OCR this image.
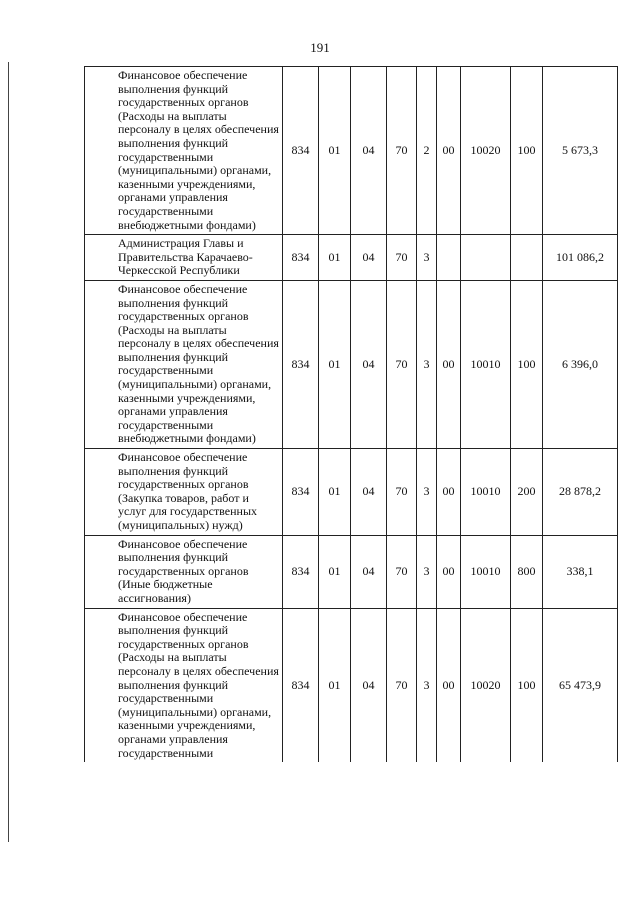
191
Финансовое обеспечение выполнения функций государственных органов (Расходы на выплаты персоналу в целях обеспечения выполнения функций государственными (муниципальными) органами, казенными учреждениями, органами управления государственными внебюджетными фондами)	834	01	04	70	2	00	10020	100	5 673,3
Администрация Главы и Правительства Карачаево-Черкесской Республики	834	01	04	70	3				101 086,2
Финансовое обеспечение выполнения функций государственных органов (Расходы на выплаты персоналу в целях обеспечения выполнения функций государственными (муниципальными) органами, казенными учреждениями, органами управления государственными внебюджетными фондами)	834	01	04	70	3	00	10010	100	6 396,0
Финансовое обеспечение выполнения функций государственных органов (Закупка товаров, работ и услуг для государственных (муниципальных) нужд)	834	01	04	70	3	00	10010	200	28 878,2
Финансовое обеспечение выполнения функций государственных органов (Иные бюджетные ассигнования)	834	01	04	70	3	00	10010	800	338,1
Финансовое обеспечение выполнения функций государственных органов (Расходы на выплаты персоналу в целях обеспечения выполнения функций государственными (муниципальными) органами, казенными учреждениями, органами управления государственными	834	01	04	70	3	00	10020	100	65 473,9
